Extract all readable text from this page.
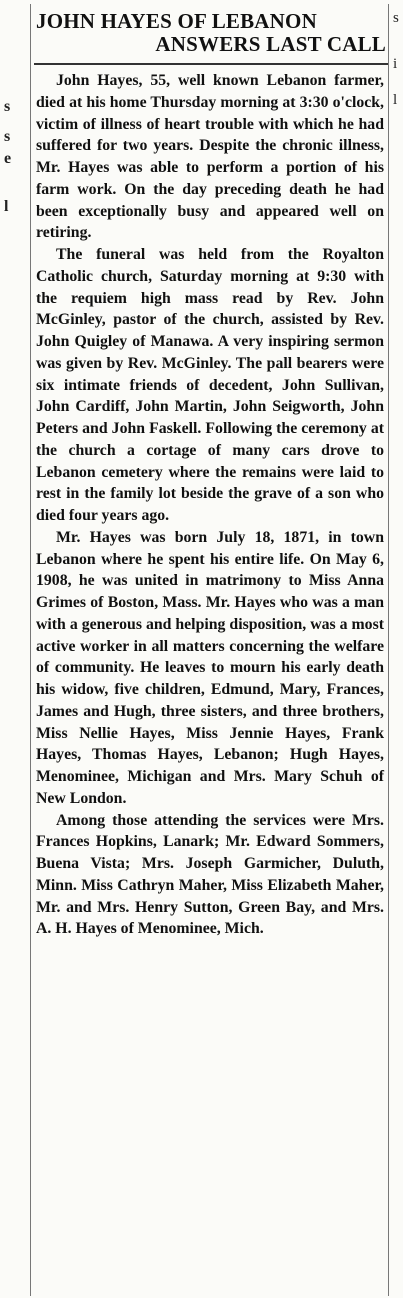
s
s
e
l
s
i
l
JOHN HAYES OF LEBANON
ANSWERS LAST CALL

John Hayes, 55, well known Lebanon farmer, died at his home Thursday morning at 3:30 o'clock, victim of illness of heart trouble with which he had suffered for two years. Despite the chronic illness, Mr. Hayes was able to perform a portion of his farm work. On the day preceding death he had been exceptionally busy and appeared well on retiring.

The funeral was held from the Royalton Catholic church, Saturday morning at 9:30 with the requiem high mass read by Rev. John McGinley, pastor of the church, assisted by Rev. John Quigley of Manawa. A very inspiring sermon was given by Rev. McGinley. The pall bearers were six intimate friends of decedent, John Sullivan, John Cardiff, John Martin, John Seigworth, John Peters and John Faskell. Following the ceremony at the church a cortage of many cars drove to Lebanon cemetery where the remains were laid to rest in the family lot beside the grave of a son who died four years ago.

Mr. Hayes was born July 18, 1871, in town Lebanon where he spent his entire life. On May 6, 1908, he was united in matrimony to Miss Anna Grimes of Boston, Mass. Mr. Hayes who was a man with a generous and helping disposition, was a most active worker in all matters concerning the welfare of community. He leaves to mourn his early death his widow, five children, Edmund, Mary, Frances, James and Hugh, three sisters, and three brothers, Miss Nellie Hayes, Miss Jennie Hayes, Frank Hayes, Thomas Hayes, Lebanon; Hugh Hayes, Menominee, Michigan and Mrs. Mary Schuh of New London.

Among those attending the services were Mrs. Frances Hopkins, Lanark; Mr. Edward Sommers, Buena Vista; Mrs. Joseph Garmicher, Duluth, Minn. Miss Cathryn Maher, Miss Elizabeth Maher, Mr. and Mrs. Henry Sutton, Green Bay, and Mrs. A. H. Hayes of Menominee, Mich.
